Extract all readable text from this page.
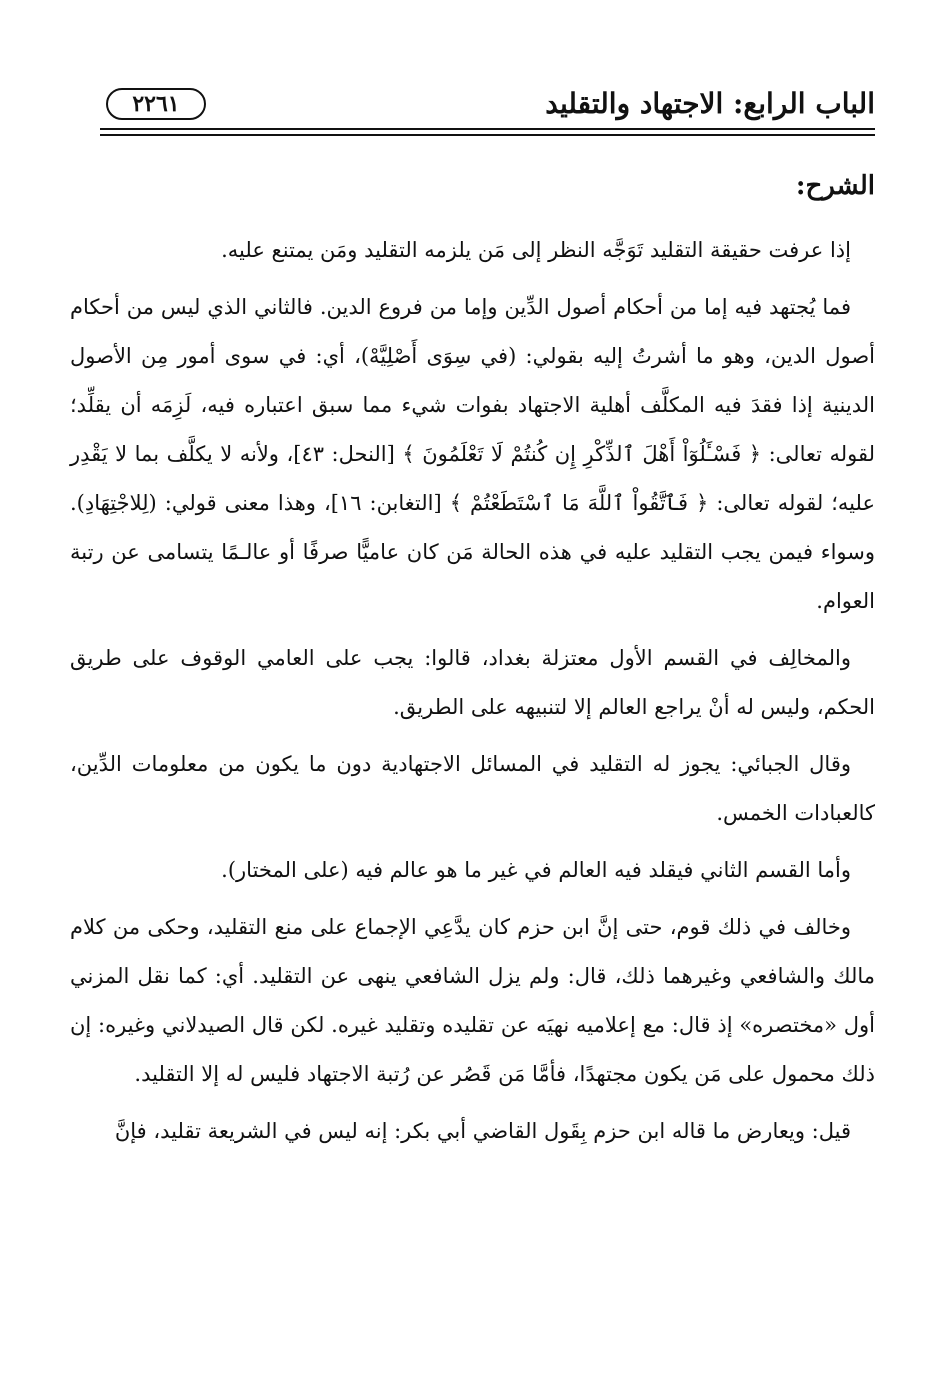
الباب الرابع: الاجتهاد والتقليد
٢٢٦١
الشرح:

إذا عرفت حقيقة التقليد تَوَجَّه النظر إلى مَن يلزمه التقليد ومَن يمتنع عليه.

فما يُجتهد فيه إما من أحكام أصول الدِّين وإما من فروع الدين. فالثاني الذي ليس من أحكام أصول الدين، وهو ما أشرتُ إليه بقولي: (في سِوَى أَصْلِيَّهْ)، أي: في سوى أمور مِن الأصول الدينية إذا فقدَ فيه المكلَّف أهلية الاجتهاد بفوات شيء مما سبق اعتباره فيه، لَزِمَه أن يقلِّد؛ لقوله تعالى: ﴿ فَسْـَٔلُوٓاْ أَهْلَ ٱلذِّكْرِ إِن كُنتُمْ لَا تَعْلَمُونَ ﴾ [النحل: ٤٣]، ولأنه لا يكلَّف بما لا يَقْدِر عليه؛ لقوله تعالى: ﴿ فَٱتَّقُواْ ٱللَّهَ مَا ٱسْتَطَعْتُمْ ﴾ [التغابن: ١٦]، وهذا معنى قولي: (لِلاجْتِهَادِ). وسواء فيمن يجب التقليد عليه في هذه الحالة مَن كان عاميًّا صرفًا أو عالـمًا يتسامى عن رتبة العوام.

والمخالِف في القسم الأول معتزلة بغداد، قالوا: يجب على العامي الوقوف على طريق الحكم، وليس له أنْ يراجع العالم إلا لتنبيهه على الطريق.

وقال الجبائي: يجوز له التقليد في المسائل الاجتهادية دون ما يكون من معلومات الدِّين، كالعبادات الخمس.

وأما القسم الثاني فيقلد فيه العالم في غير ما هو عالم فيه (على المختار).

وخالف في ذلك قوم، حتى إنَّ ابن حزم كان يدَّعِي الإجماع على منع التقليد، وحكى من كلام مالك والشافعي وغيرهما ذلك، قال: ولم يزل الشافعي ينهى عن التقليد. أي: كما نقل المزني أول «مختصره» إذ قال: مع إعلاميه نهيَه عن تقليده وتقليد غيره. لكن قال الصيدلاني وغيره: إن ذلك محمول على مَن يكون مجتهدًا، فأمَّا مَن قَصُر عن رُتبة الاجتهاد فليس له إلا التقليد.

قيل: ويعارض ما قاله ابن حزم بِقَول القاضي أبي بكر: إنه ليس في الشريعة تقليد، فإنَّ
